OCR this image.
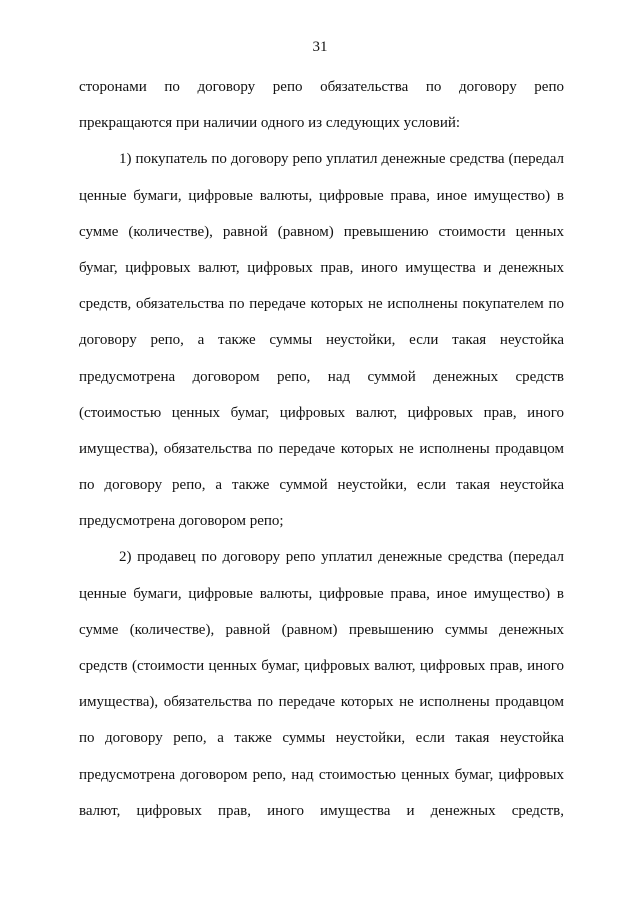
31
сторонами по договору репо обязательства по договору репо
прекращаются при наличии одного из следующих условий:
1) покупатель по договору репо уплатил денежные средства (передал
ценные бумаги, цифровые валюты, цифровые права, иное имущество) в
сумме (количестве), равной (равном) превышению стоимости ценных
бумаг, цифровых валют, цифровых прав, иного имущества и денежных
средств, обязательства по передаче которых не исполнены покупателем по
договору репо, а также суммы неустойки, если такая неустойка
предусмотрена договором репо, над суммой денежных средств
(стоимостью ценных бумаг, цифровых валют, цифровых прав, иного
имущества), обязательства по передаче которых не исполнены продавцом
по договору репо, а также суммой неустойки, если такая неустойка
предусмотрена договором репо;
2) продавец по договору репо уплатил денежные средства (передал
ценные бумаги, цифровые валюты, цифровые права, иное имущество) в
сумме (количестве), равной (равном) превышению суммы денежных
средств (стоимости ценных бумаг, цифровых валют, цифровых прав, иного
имущества), обязательства по передаче которых не исполнены продавцом
по договору репо, а также суммы неустойки, если такая неустойка
предусмотрена договором репо, над стоимостью ценных бумаг, цифровых
валют, цифровых прав, иного имущества и денежных средств,
